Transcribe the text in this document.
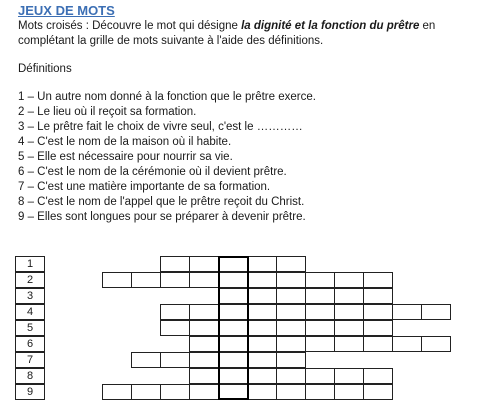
JEUX DE MOTS
Mots croisés : Découvre le mot qui désigne la dignité et la fonction du prêtre en complétant la grille de mots suivante à l'aide des définitions.
Définitions
1 – Un autre nom donné à la fonction que le prêtre exerce.
2 – Le lieu où il reçoit sa formation.
3 – Le prêtre fait le choix de vivre seul, c'est le …………
4 – C'est le nom de la maison où il habite.
5 – Elle est nécessaire pour nourrir sa vie.
6 – C'est le nom de la cérémonie où il devient prêtre.
7 – C'est une matière importante de sa formation.
8 – C'est le nom de l'appel que le prêtre reçoit du Christ.
9 – Elles sont longues pour se préparer à devenir prêtre.
1
2
3
4
5
6
7
8
9
